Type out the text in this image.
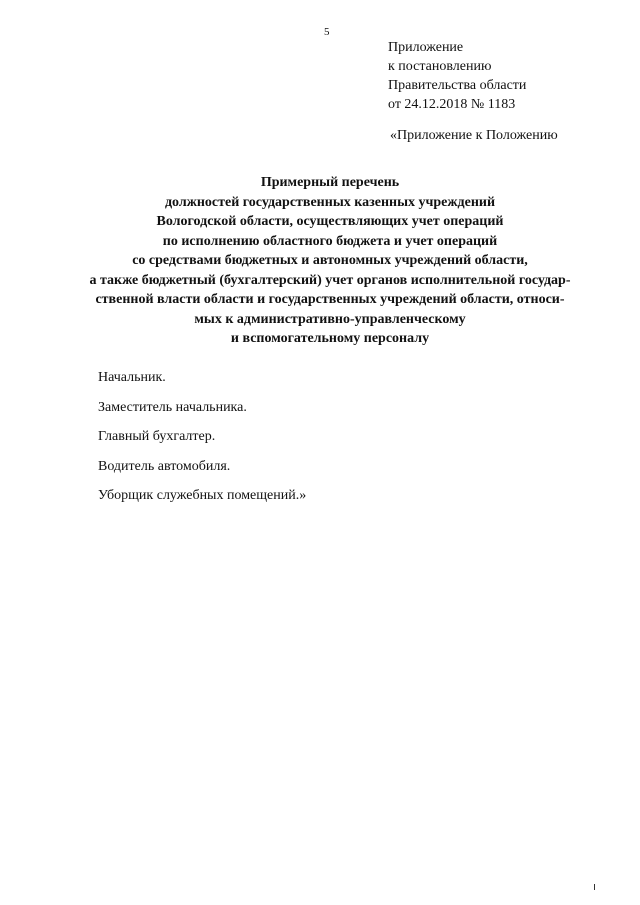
5
Приложение
к постановлению
Правительства области
от 24.12.2018 № 1183
«Приложение к Положению
Примерный перечень
должностей государственных казенных учреждений
Вологодской области, осуществляющих учет операций
по исполнению областного бюджета и учет операций
со средствами бюджетных и автономных учреждений области,
а также бюджетный (бухгалтерский) учет органов исполнительной государ-
ственной власти области и государственных учреждений области, относи-
мых к административно-управленческому
и вспомогательному персоналу
Начальник.
Заместитель начальника.
Главный бухгалтер.
Водитель автомобиля.
Уборщик служебных помещений.»
